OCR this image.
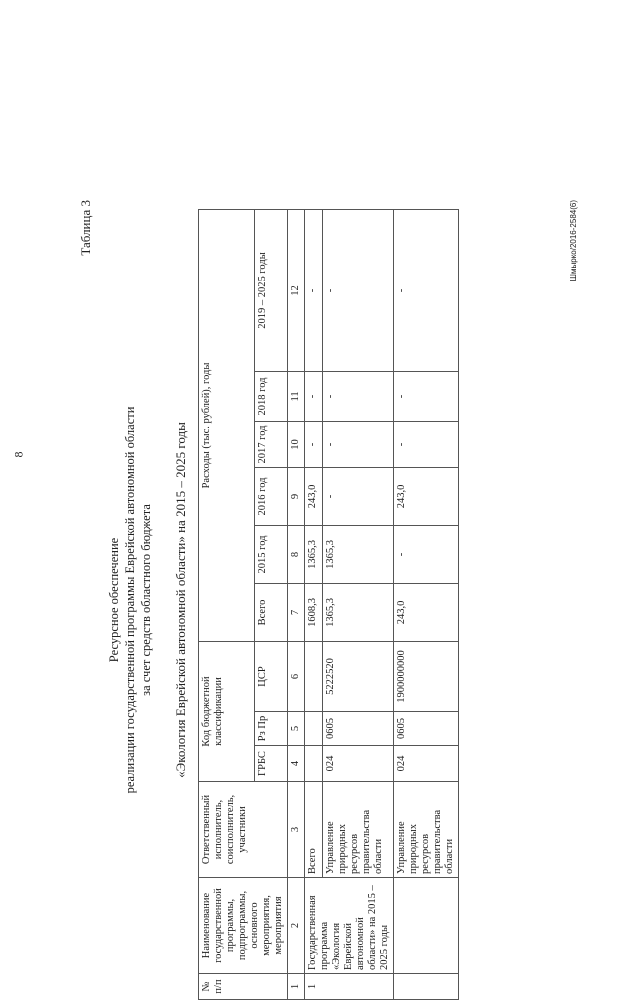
8
Таблица 3
Ресурсное обеспечение реализации государственной программы Еврейской автономной области за счет средств областного бюджета «Экология Еврейской автономной области» на 2015 – 2025 годы
№ п/п	Наименование государственной программы, подпрограммы, основного мероприятия, мероприятия	Ответственный исполнитель, соисполнитель, участники	Код бюджетной классификации			Расходы (тыс. рублей), годы					
			ГРБС	Рз Пр	ЦСР	Всего	2015 год	2016 год	2017 год	2018 год	2019 – 2025 годы
1	2	3	4	5	6	7	8	9	10	11	12
1	Государственная программа «Экология Еврейской автономной области» на 2015 – 2025 годы	Всего				1608,3	1365,3	243,0	-	-	-
		Управление природных ресурсов правительства области	024	0605	5222520	1365,3	1365,3	-	-	-	-
		Управление природных ресурсов правительства области	024	0605	1900000000	243,0	-	243,0	-	-	-
Шмырко/2016-2584(6)
